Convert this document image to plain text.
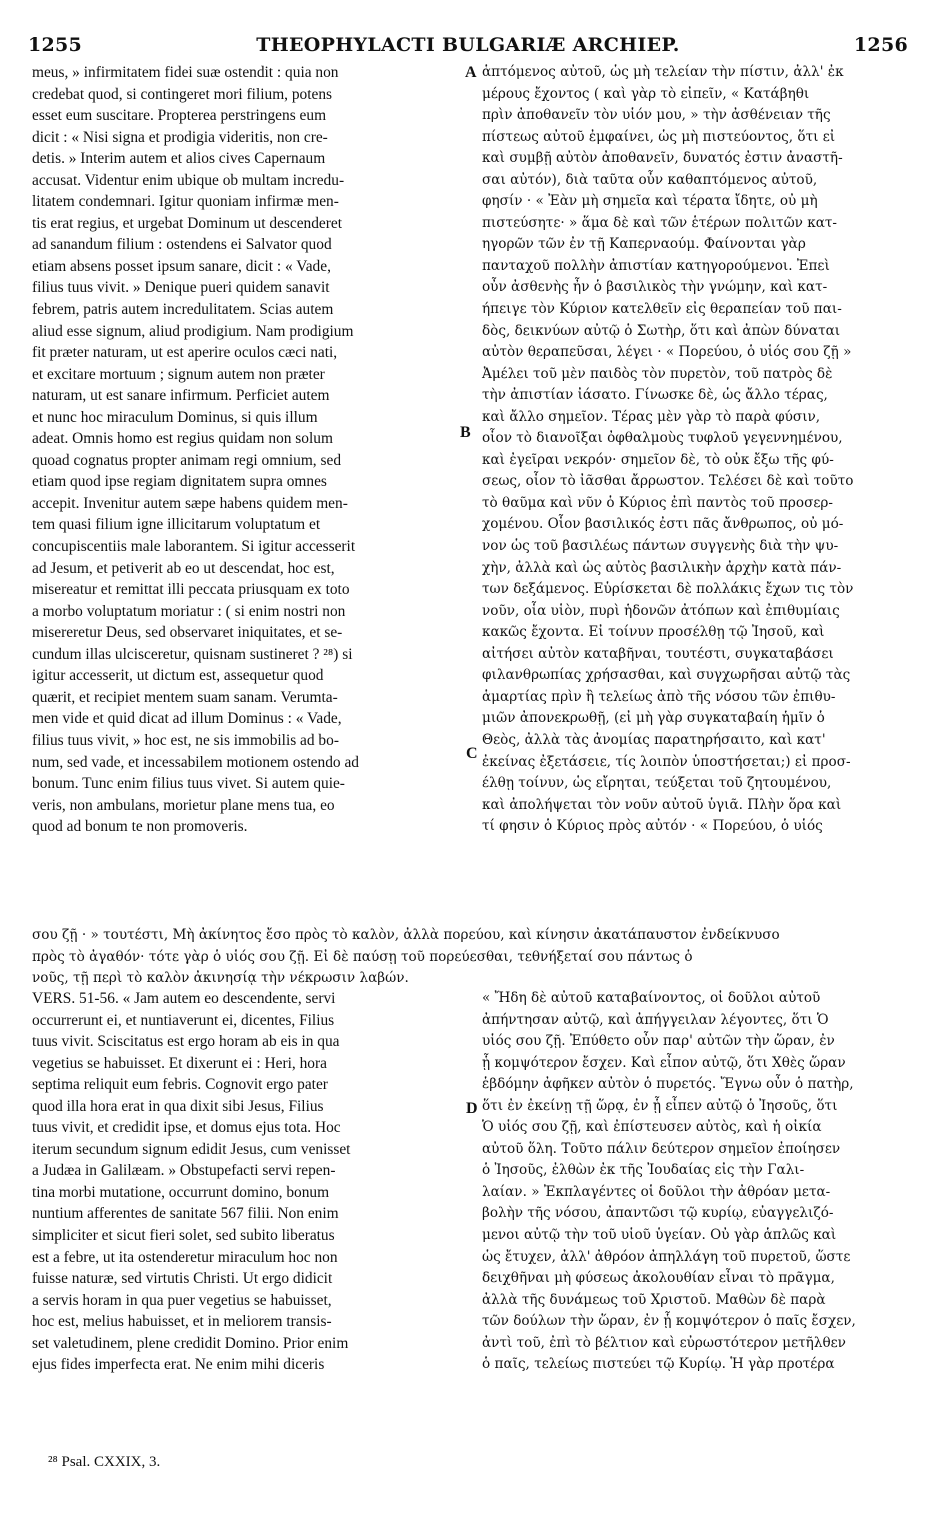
1255	THEOPHYLACTI BULGARIÆ ARCHIEP.	1256
meus, » infirmitatem fidei suæ ostendit : quia non
credebat quod, si contingeret mori filium, potens
esset eum suscitare. Propterea perstringens eum
dicit : « Nisi signa et prodigia videritis, non cre-
detis. » Interim autem et alios cives Capernaum
accusat. Videntur enim ubique ob multam incredu-
litatem condemnari. Igitur quoniam infirmæ men-
tis erat regius, et urgebat Dominum ut descenderet
ad sanandum filium : ostendens ei Salvator quod
etiam absens posset ipsum sanare, dicit : « Vade,
filius tuus vivit. » Denique pueri quidem sanavit
febrem, patris autem incredulitatem. Scias autem
aliud esse signum, aliud prodigium. Nam prodigium
fit præter naturam, ut est aperire oculos cæci nati,
et excitare mortuum ; signum autem non præter
naturam, ut est sanare infirmum. Perficiet autem
et nunc hoc miraculum Dominus, si quis illum
adeat. Omnis homo est regius quidam non solum
quoad cognatus propter animam regi omnium, sed
etiam quod ipse regiam dignitatem supra omnes
accepit. Invenitur autem sæpe habens quidem men-
tem quasi filium igne illicitarum voluptatum et
concupiscentiis male laborantem. Si igitur accesserit
ad Jesum, et petiverit ab eo ut descendat, hoc est,
misereatur et remittat illi peccata priusquam ex toto
a morbo voluptatum moriatur : ( si enim nostri non
misereretur Deus, sed observaret iniquitates, et se-
cundum illas ulcisceretur, quisnam sustineret ? ²⁸) si
igitur accesserit, ut dictum est, assequetur quod
quærit, et recipiet mentem suam sanam. Verumta-
men vide et quid dicat ad illum Dominus : « Vade,
filius tuus vivit, » hoc est, ne sis immobilis ad bo-
num, sed vade, et incessabilem motionem ostendo ad
bonum. Tunc enim filius tuus vivet. Si autem quie-
veris, non ambulans, morietur plane mens tua, eo
quod ad bonum te non promoveris.
ἁπτόμενος αὐτοῦ, ὡς μὴ τελείαν τὴν πίστιν, ἀλλ' ἐκ
μέρους ἔχοντος ( καὶ γὰρ τὸ εἰπεῖν, « Κατάβηθι
πρὶν ἀποθανεῖν τὸν υἱόν μου, » τὴν ἀσθένειαν τῆς
πίστεως αὐτοῦ ἐμφαίνει, ὡς μὴ πιστεύοντος, ὅτι εἰ
καὶ συμβῇ αὐτὸν ἀποθανεῖν, δυνατός ἐστιν ἀναστῆ-
σαι αὐτόν), διὰ ταῦτα οὖν καθαπτόμενος αὐτοῦ,
φησίν · « Ἐὰν μὴ σημεῖα καὶ τέρατα ἴδητε, οὐ μὴ
πιστεύσητε· » ἅμα δὲ καὶ τῶν ἑτέρων πολιτῶν κατ-
ηγορῶν τῶν ἐν τῇ Καπερναούμ. Φαίνονται γὰρ
πανταχοῦ πολλὴν ἀπιστίαν κατηγορούμενοι. Ἐπεὶ
οὖν ἀσθενὴς ἦν ὁ βασιλικὸς τὴν γνώμην, καὶ κατ-
ήπειγε τὸν Κύριον κατελθεῖν εἰς θεραπείαν τοῦ παι-
δὸς, δεικνύων αὐτῷ ὁ Σωτὴρ, ὅτι καὶ ἀπὼν δύναται
αὐτὸν θεραπεῦσαι, λέγει · « Πορεύου, ὁ υἱός σου ζῇ »
Ἀμέλει τοῦ μὲν παιδὸς τὸν πυρετὸν, τοῦ πατρὸς δὲ
τὴν ἀπιστίαν ἰάσατο. Γίνωσκε δὲ, ὡς ἄλλο τέρας,
καὶ ἄλλο σημεῖον. Τέρας μὲν γὰρ τὸ παρὰ φύσιν,
οἷον τὸ διανοῖξαι ὀφθαλμοὺς τυφλοῦ γεγεννημένου,
καὶ ἐγεῖραι νεκρόν· σημεῖον δὲ, τὸ οὐκ ἔξω τῆς φύ-
σεως, οἷον τὸ ἰᾶσθαι ἄρρωστον. Τελέσει δὲ καὶ τοῦτο
τὸ θαῦμα καὶ νῦν ὁ Κύριος ἐπὶ παντὸς τοῦ προσερ-
χομένου. Οἷον βασιλικός ἐστι πᾶς ἄνθρωπος, οὐ μό-
νον ὡς τοῦ βασιλέως πάντων συγγενὴς διὰ τὴν ψυ-
χὴν, ἀλλὰ καὶ ὡς αὐτὸς βασιλικὴν ἀρχὴν κατὰ πάν-
των δεξάμενος. Εὑρίσκεται δὲ πολλάκις ἔχων τις τὸν
νοῦν, οἷα υἱὸν, πυρὶ ἡδονῶν ἀτόπων καὶ ἐπιθυμίαις
κακῶς ἔχοντα. Εἰ τοίνυν προσέλθῃ τῷ Ἰησοῦ, καὶ
αἰτήσει αὐτὸν καταβῆναι, τουτέστι, συγκαταβάσει
φιλανθρωπίας χρήσασθαι, καὶ συγχωρῆσαι αὐτῷ τὰς
ἁμαρτίας πρὶν ἢ τελείως ἀπὸ τῆς νόσου τῶν ἐπιθυ-
μιῶν ἀπονεκρωθῇ, (εἰ μὴ γὰρ συγκαταβαίη ἡμῖν ὁ
Θεὸς, ἀλλὰ τὰς ἀνομίας παρατηρήσαιτο, καὶ κατ'
ἐκείνας ἐξετάσειε, τίς λοιπὸν ὑποστήσεται;) εἰ προσ-
έλθῃ τοίνυν, ὡς εἴρηται, τεύξεται τοῦ ζητουμένου,
καὶ ἀπολήψεται τὸν νοῦν αὐτοῦ ὑγιᾶ. Πλὴν ὅρα καὶ
τί φησιν ὁ Κύριος πρὸς αὐτόν · « Πορεύου, ὁ υἱός
σου ζῇ · » τουτέστι, Μὴ ἀκίνητος ἔσο πρὸς τὸ καλὸν, ἀλλὰ πορεύου, καὶ κίνησιν ἀκατάπαυστον ἐνδείκνυσο
πρὸς τὸ ἀγαθόν· τότε γὰρ ὁ υἱός σου ζῇ. Εἰ δὲ παύσῃ τοῦ πορεύεσθαι, τεθνήξεταί σου πάντως ὁ
νοῦς, τῇ περὶ τὸ καλὸν ἀκινησίᾳ τὴν νέκρωσιν λαβών.
VERS. 51-56. « Jam autem eo descendente, servi
occurrerunt ei, et nuntiaverunt ei, dicentes, Filius
tuus vivit. Sciscitatus est ergo horam ab eis in qua
vegetius se habuisset. Et dixerunt ei : Heri, hora
septima reliquit eum febris. Cognovit ergo pater
quod illa hora erat in qua dixit sibi Jesus, Filius
tuus vivit, et credidit ipse, et domus ejus tota. Hoc
iterum secundum signum edidit Jesus, cum venisset
a Judæa in Galilæam. » Obstupefacti servi repen-
tina morbi mutatione, occurrunt domino, bonum
nuntium afferentes de sanitate 567 filii. Non enim
simpliciter et sicut fieri solet, sed subito liberatus
est a febre, ut ita ostenderetur miraculum hoc non
fuisse naturæ, sed virtutis Christi. Ut ergo didicit
a servis horam in qua puer vegetius se habuisset,
hoc est, melius habuisset, et in meliorem transis-
set valetudinem, plene credidit Domino. Prior enim
ejus fides imperfecta erat. Ne enim mihi diceris
« Ἤδη δὲ αὐτοῦ καταβαίνοντος, οἱ δοῦλοι αὐτοῦ
ἀπήντησαν αὐτῷ, καὶ ἀπήγγειλαν λέγοντες, ὅτι Ὁ
υἱός σου ζῇ. Ἐπύθετο οὖν παρ' αὐτῶν τὴν ὥραν, ἐν
ᾗ κομψότερον ἔσχεν. Καὶ εἶπον αὐτῷ, ὅτι Χθὲς ὥραν
ἑβδόμην ἀφῆκεν αὐτὸν ὁ πυρετός. Ἔγνω οὖν ὁ πατὴρ,
ὅτι ἐν ἐκείνῃ τῇ ὥρᾳ, ἐν ᾗ εἶπεν αὐτῷ ὁ Ἰησοῦς, ὅτι
Ὁ υἱός σου ζῇ, καὶ ἐπίστευσεν αὐτὸς, καὶ ἡ οἰκία
αὐτοῦ ὅλη. Τοῦτο πάλιν δεύτερον σημεῖον ἐποίησεν
ὁ Ἰησοῦς, ἐλθὼν ἐκ τῆς Ἰουδαίας εἰς τὴν Γαλι-
λαίαν. » Ἐκπλαγέντες οἱ δοῦλοι τὴν ἀθρόαν μετα-
βολὴν τῆς νόσου, ἀπαντῶσι τῷ κυρίῳ, εὐαγγελιζό-
μενοι αὐτῷ τὴν τοῦ υἱοῦ ὑγείαν. Οὐ γὰρ ἁπλῶς καὶ
ὡς ἔτυχεν, ἀλλ' ἀθρόον ἀπηλλάγη τοῦ πυρετοῦ, ὥστε
δειχθῆναι μὴ φύσεως ἀκολουθίαν εἶναι τὸ πρᾶγμα,
ἀλλὰ τῆς δυνάμεως τοῦ Χριστοῦ. Μαθὼν δὲ παρὰ
τῶν δούλων τὴν ὥραν, ἐν ᾗ κομψότερον ὁ παῖς ἔσχεν,
ἀντὶ τοῦ, ἐπὶ τὸ βέλτιον καὶ εὐρωστότερον μετῆλθεν
ὁ παῖς, τελείως πιστεύει τῷ Κυρίῳ. Ἡ γὰρ προτέρα
A
B
C
D
²⁸ Psal. CXXIX, 3.
